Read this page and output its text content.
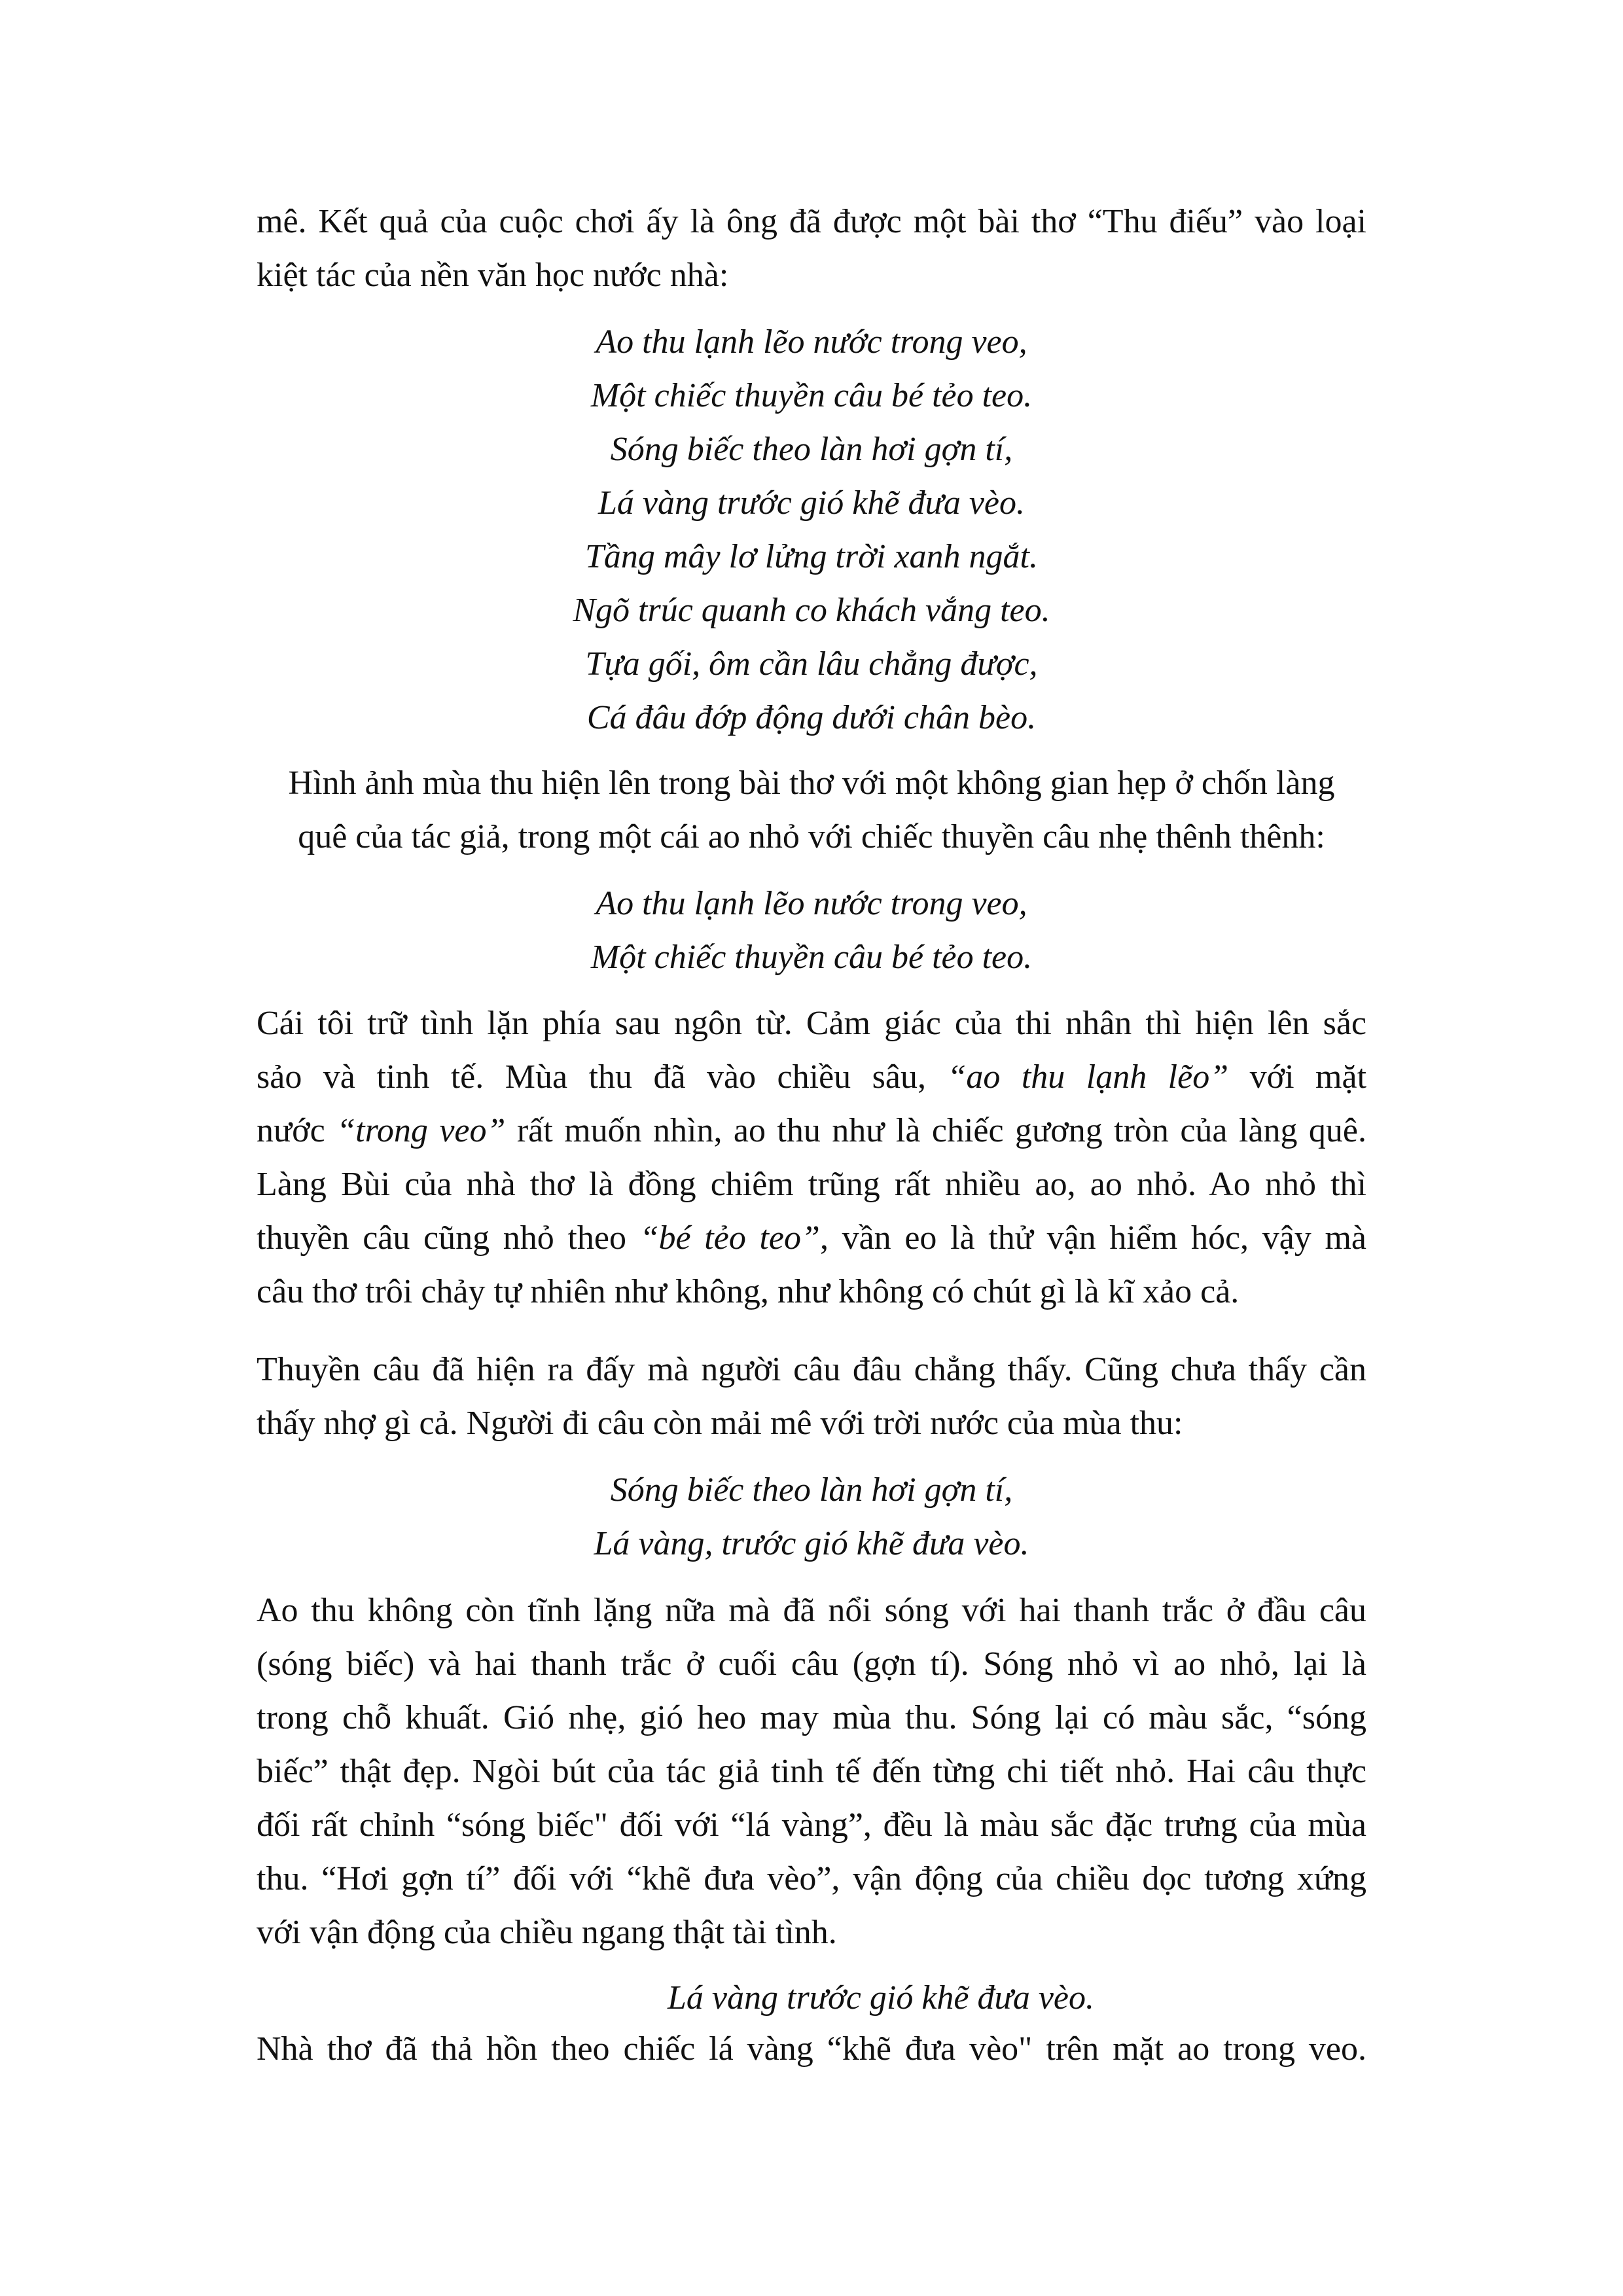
mê. Kết quả của cuộc chơi ấy là ông đã được một bài thơ “Thu điếu” vào loại
kiệt tác của nền văn học nước nhà:
Ao thu lạnh lẽo nước trong veo,
Một chiếc thuyền câu bé tẻo teo.
Sóng biếc theo làn hơi gợn tí,
Lá vàng trước gió khẽ đưa vèo.
Tầng mây lơ lửng trời xanh ngắt.
Ngõ trúc quanh co khách vắng teo.
Tựa gối, ôm cần lâu chẳng được,
Cá đâu đớp động dưới chân bèo.
Hình ảnh mùa thu hiện lên trong bài thơ với một không gian hẹp ở chốn làng
quê của tác giả, trong một cái ao nhỏ với chiếc thuyền câu nhẹ thênh thênh:
Ao thu lạnh lẽo nước trong veo,
Một chiếc thuyền câu bé tẻo teo.
Cái tôi trữ tình lặn phía sau ngôn từ. Cảm giác của thi nhân thì hiện lên sắc
sảo và tinh tế. Mùa thu đã vào chiều sâu, “ao thu lạnh lẽo” với mặt
nước “trong veo” rất muốn nhìn, ao thu như là chiếc gương tròn của làng quê.
Làng Bùi của nhà thơ là đồng chiêm trũng rất nhiều ao, ao nhỏ. Ao nhỏ thì
thuyền câu cũng nhỏ theo “bé tẻo teo”, vần eo là thử vận hiểm hóc, vậy mà
câu thơ trôi chảy tự nhiên như không, như không có chút gì là kĩ xảo cả.
Thuyền câu đã hiện ra đấy mà người câu đâu chẳng thấy. Cũng chưa thấy cần
thấy nhợ gì cả. Người đi câu còn mải mê với trời nước của mùa thu:
Sóng biếc theo làn hơi gợn tí,
Lá vàng, trước gió khẽ đưa vèo.
Ao thu không còn tĩnh lặng nữa mà đã nổi sóng với hai thanh trắc ở đầu câu
(sóng biếc) và hai thanh trắc ở cuối câu (gợn tí). Sóng nhỏ vì ao nhỏ, lại là
trong chỗ khuất. Gió nhẹ, gió heo may mùa thu. Sóng lại có màu sắc, “sóng
biếc” thật đẹp. Ngòi bút của tác giả tinh tế đến từng chi tiết nhỏ. Hai câu thực
đối rất chỉnh “sóng biếc" đối với “lá vàng”, đều là màu sắc đặc trưng của mùa
thu. “Hơi gợn tí” đối với “khẽ đưa vèo”, vận động của chiều dọc tương xứng
với vận động của chiều ngang thật tài tình.
Lá vàng trước gió khẽ đưa vèo.
Nhà thơ đã thả hồn theo chiếc lá vàng “khẽ đưa vèo" trên mặt ao trong veo.
